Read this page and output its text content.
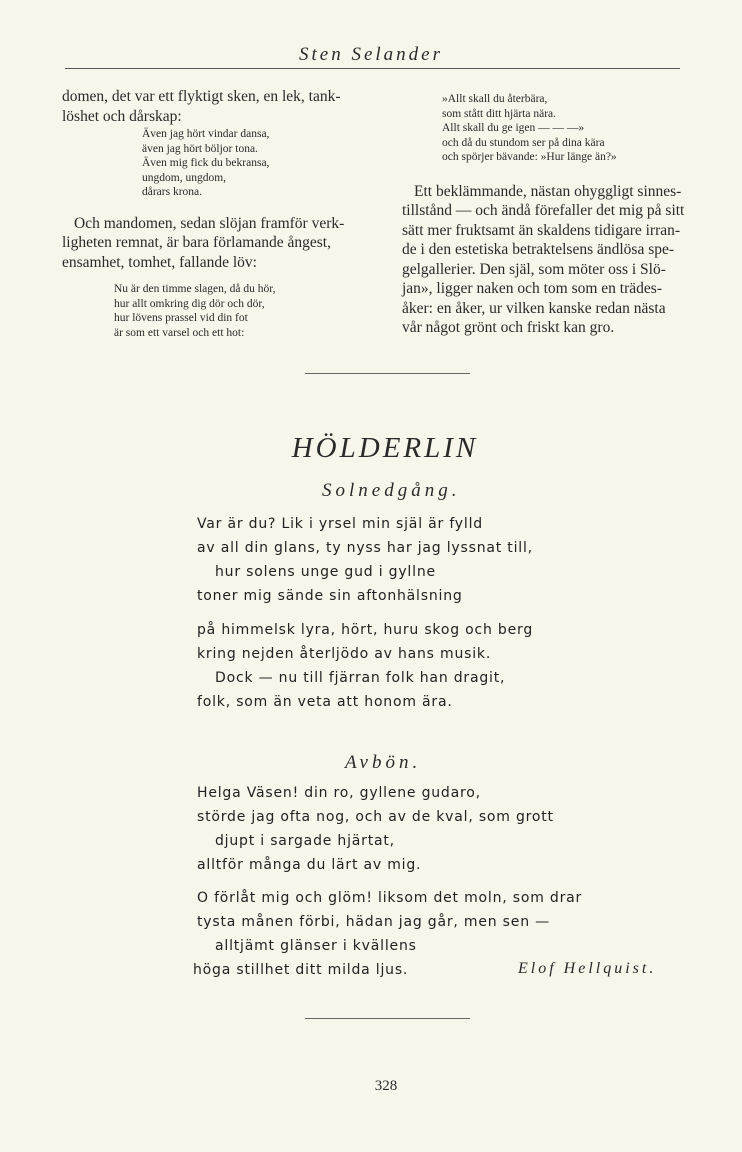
Sten Selander

domen, det var ett flyktigt sken, en lek, tank-

löshet och dårskap:

Även jag hört vindar dansa,
även jag hört böljor tona.
Även mig fick du bekransa,
ungdom, ungdom,
dårars krona.

Och mandomen, sedan slöjan framför verk-

ligheten remnat, är bara förlamande ångest,

ensamhet, tomhet, fallande löv:

Nu är den timme slagen, då du hör,
hur allt omkring dig dör och dör,
hur lövens prassel vid din fot
är som ett varsel och ett hot:
»Allt skall du återbära,
som stått ditt hjärta nära.
Allt skall du ge igen — — —»
och då du stundom ser på dina kära
och spörjer bävande: »Hur länge än?»

Ett beklämmande, nästan ohyggligt sinnes-

tillstånd — och ändå förefaller det mig på sitt

sätt mer fruktsamt än skaldens tidigare irran-

de i den estetiska betraktelsens ändlösa spe-

gelgallerier. Den själ, som möter oss i Slö-

jan», ligger naken och tom som en trädes-

åker: en åker, ur vilken kanske redan nästa

vår något grönt och friskt kan gro.

HÖLDERLIN
Solnedgång.
Var är du? Lik i yrsel min själ är fylld
av all din glans, ty nyss har jag lyssnat till,
hur solens unge gud i gyllne
toner mig sände sin aftonhälsning
på himmelsk lyra, hört, huru skog och berg
kring nejden återljödo av hans musik.
Dock — nu till fjärran folk han dragit,
folk, som än veta att honom ära.
Avbön.
Helga Väsen! din ro, gyllene gudaro,
störde jag ofta nog, och av de kval, som grott
djupt i sargade hjärtat,
alltför många du lärt av mig.
O förlåt mig och glöm! liksom det moln, som drar
tysta månen förbi, hädan jag går, men sen —
alltjämt glänser i kvällens
höga stillhet ditt milda ljus.	Elof Hellquist.
328
